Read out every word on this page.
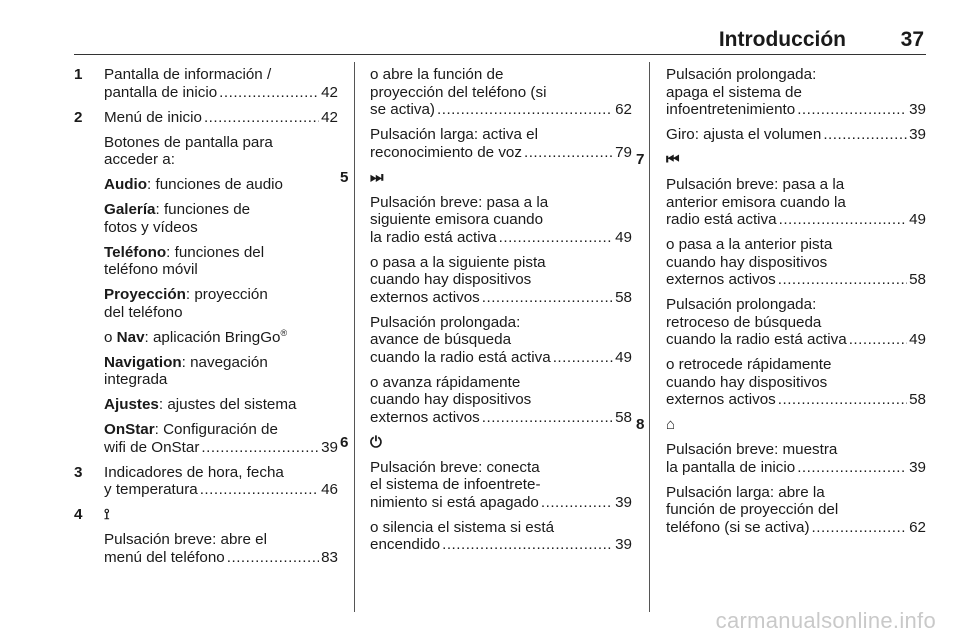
Introducción	37
1 Pantalla de información /
pantalla de inicio .....	42
2 Menú de inicio .....	42
Botones de pantalla para
acceder a:
Audio: funciones de audio
Galería: funciones de
fotos y vídeos
Teléfono: funciones del
teléfono móvil
Proyección: proyección
del teléfono
o Nav: aplicación BringGo®
Navigation: navegación
integrada
Ajustes: ajustes del sistema
OnStar: Configuración de
wifi de OnStar .....	39
3 Indicadores de hora, fecha
y temperatura .....	46
4 ⟟
Pulsación breve: abre el
menú del teléfono .....	83
o abre la función de
proyección del teléfono (si
se activa) .....	62
Pulsación larga: activa el
reconocimiento de voz .....	79
5 ⏭
Pulsación breve: pasa a la
siguiente emisora cuando
la radio está activa .....	49
o pasa a la siguiente pista
cuando hay dispositivos
externos activos .....	58
Pulsación prolongada:
avance de búsqueda
cuando la radio está activa .....	49
o avanza rápidamente
cuando hay dispositivos
externos activos .....	58
6 ⏻
Pulsación breve: conecta
el sistema de infoentrete-
nimiento si está apagado .....	39
o silencia el sistema si está
encendido .....	39
Pulsación prolongada:
apaga el sistema de
infoentretenimiento .....	39
Giro: ajusta el volumen .....	39
7 ⏮
Pulsación breve: pasa a la
anterior emisora cuando la
radio está activa .....	49
o pasa a la anterior pista
cuando hay dispositivos
externos activos .....	58
Pulsación prolongada:
retroceso de búsqueda
cuando la radio está activa .....	49
o retrocede rápidamente
cuando hay dispositivos
externos activos .....	58
8 ⌂
Pulsación breve: muestra
la pantalla de inicio .....	39
Pulsación larga: abre la
función de proyección del
teléfono (si se activa) .....	62
carmanualsonline.info
